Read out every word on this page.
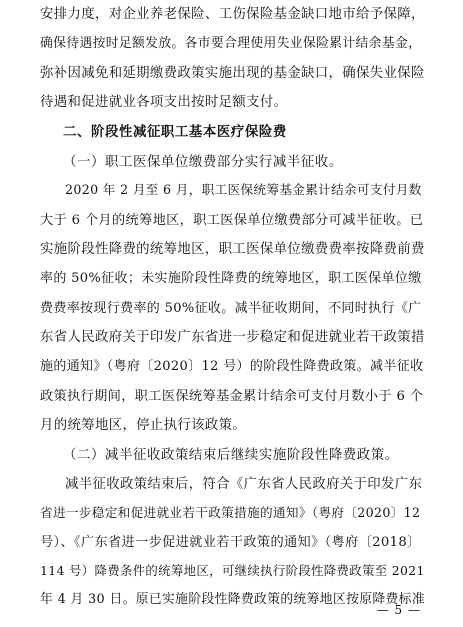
安排力度，对企业养老保险、工伤保险基金缺口地市给予保障，
确保待遇按时足额发放。各市要合理使用失业保险累计结余基金，
弥补因减免和延期缴费政策实施出现的基金缺口，确保失业保险
待遇和促进就业各项支出按时足额支付。
二、阶段性减征职工基本医疗保险费
（一）职工医保单位缴费部分实行减半征收。
2020 年 2 月至 6 月，职工医保统筹基金累计结余可支付月数
大于 6 个月的统筹地区，职工医保单位缴费部分可减半征收。已
实施阶段性降费的统筹地区，职工医保单位缴费费率按降费前费
率的 50%征收；未实施阶段性降费的统筹地区，职工医保单位缴
费费率按现行费率的 50%征收。减半征收期间，不同时执行《广
东省人民政府关于印发广东省进一步稳定和促进就业若干政策措
施的通知》（粤府〔2020〕12 号）的阶段性降费政策。减半征收
政策执行期间，职工医保统筹基金累计结余可支付月数小于 6 个
月的统筹地区，停止执行该政策。
（二）减半征收政策结束后继续实施阶段性降费政策。
减半征收政策结束后，符合《广东省人民政府关于印发广东
省进一步稳定和促进就业若干政策措施的通知》（粤府〔2020〕12
号）、《广东省进一步促进就业若干政策的通知》（粤府〔2018〕
114 号）降费条件的统筹地区，可继续执行阶段性降费政策至 2021
年 4 月 30 日。原已实施阶段性降费政策的统筹地区按原降费标准
— 5 —
